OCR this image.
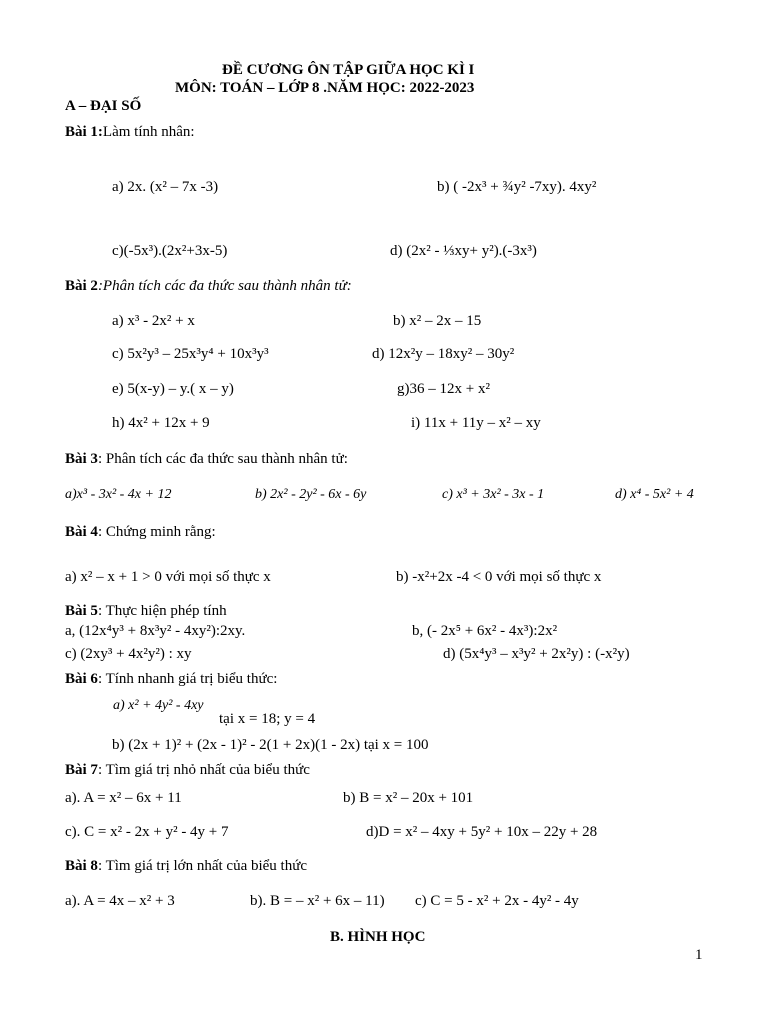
ĐỀ CƯƠNG ÔN TẬP GIỮA HỌC KÌ I
MÔN: TOÁN – LỚP 8 .NĂM HỌC: 2022-2023
A – ĐẠI SỐ
Bài 1:Làm tính nhân:
a) 2x. (x² – 7x -3)	b) ( -2x³ + ¾y² -7xy). 4xy²
c)(-5x³).(2x²+3x-5)	d) (2x² - ⅓xy+ y²).(-3x³)
Bài 2:Phân tích các đa thức sau thành nhân tử:
a) x³ - 2x² + x	b) x² – 2x – 15
c) 5x²y³ – 25x³y⁴ + 10x³y³	d) 12x²y – 18xy² – 30y²
e) 5(x-y) – y.( x – y)	g)36 – 12x + x²
h) 4x² + 12x + 9	i) 11x + 11y – x² – xy
Bài 3: Phân tích các đa thức sau thành nhân tử:
a)x³ - 3x² - 4x + 12	b) 2x² - 2y² - 6x - 6y	c) x³ + 3x² - 3x - 1	d) x⁴ - 5x² + 4
Bài 4: Chứng minh rằng:
a) x² – x + 1 > 0 với mọi số thực x	b) -x²+2x -4 < 0 với mọi số thực x
Bài 5: Thực hiện phép tính
a, (12x⁴y³ + 8x³y² - 4xy²):2xy.	b, (- 2x⁵ + 6x² - 4x³):2x²
c) (2xy³ + 4x²y²) : xy	d) (5x⁴y³ – x³y² + 2x²y) : (-x²y)
Bài 6: Tính nhanh giá trị biểu thức:
a) x² + 4y² - 4xy
tại x = 18; y = 4
b) (2x + 1)² + (2x - 1)² - 2(1 + 2x)(1 - 2x) tại x = 100
Bài 7: Tìm giá trị nhỏ nhất của biểu thức
a). A = x² – 6x + 11	b) B = x² – 20x + 101
c). C = x² - 2x + y² - 4y + 7	d)D = x² – 4xy + 5y² + 10x – 22y + 28
Bài 8: Tìm giá trị lớn nhất của biểu thức
a). A = 4x – x² + 3	b). B = – x² + 6x – 11) c) C = 5 - x² + 2x - 4y² - 4y
B. HÌNH HỌC
1
